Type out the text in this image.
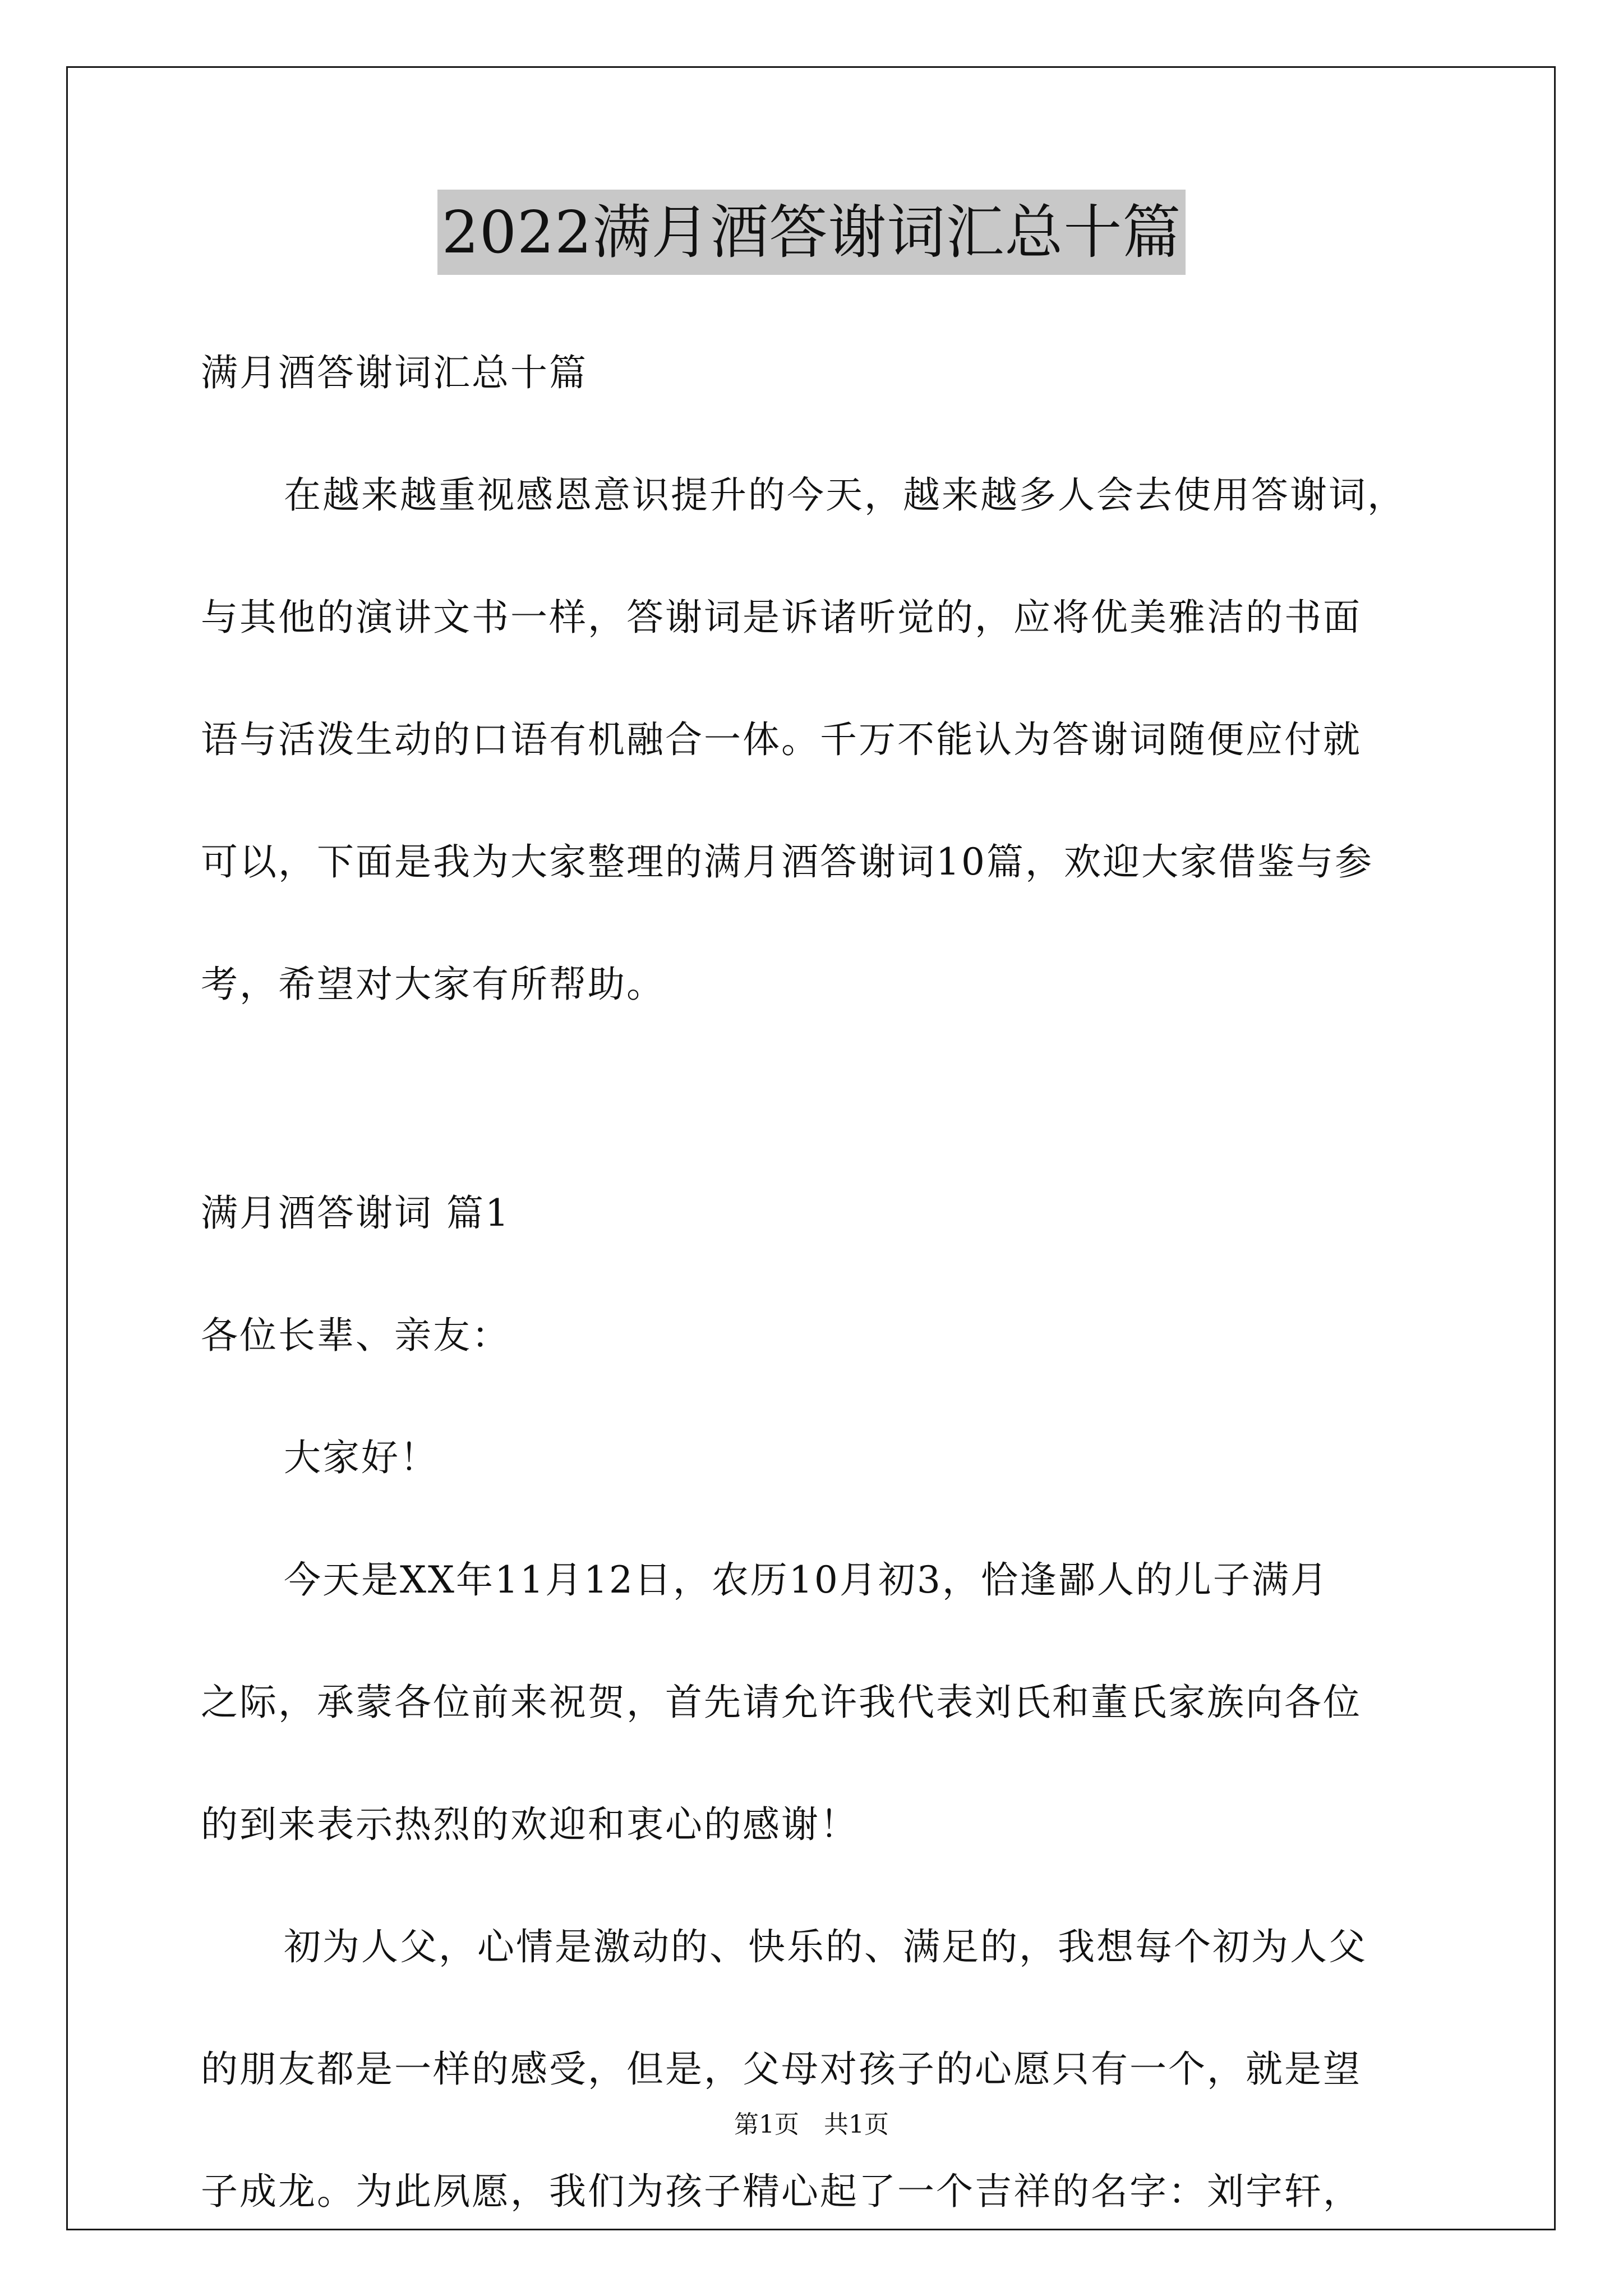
2022满月酒答谢词汇总十篇
满月酒答谢词汇总十篇
在越来越重视感恩意识提升的今天，越来越多人会去使用答谢词，
与其他的演讲文书一样，答谢词是诉诸听觉的，应将优美雅洁的书面
语与活泼生动的口语有机融合一体。千万不能认为答谢词随便应付就
可以，下面是我为大家整理的满月酒答谢词10篇，欢迎大家借鉴与参
考，希望对大家有所帮助。
满月酒答谢词 篇1
各位长辈、亲友：
大家好！
今天是XX年11月12日，农历10月初3，恰逢鄙人的儿子满月
之际，承蒙各位前来祝贺，首先请允许我代表刘氏和董氏家族向各位
的到来表示热烈的欢迎和衷心的感谢！
初为人父，心情是激动的、快乐的、满足的，我想每个初为人父
的朋友都是一样的感受，但是，父母对孩子的心愿只有一个，就是望
子成龙。为此夙愿，我们为孩子精心起了一个吉祥的名字：刘宇轩，
第1页　共1页
